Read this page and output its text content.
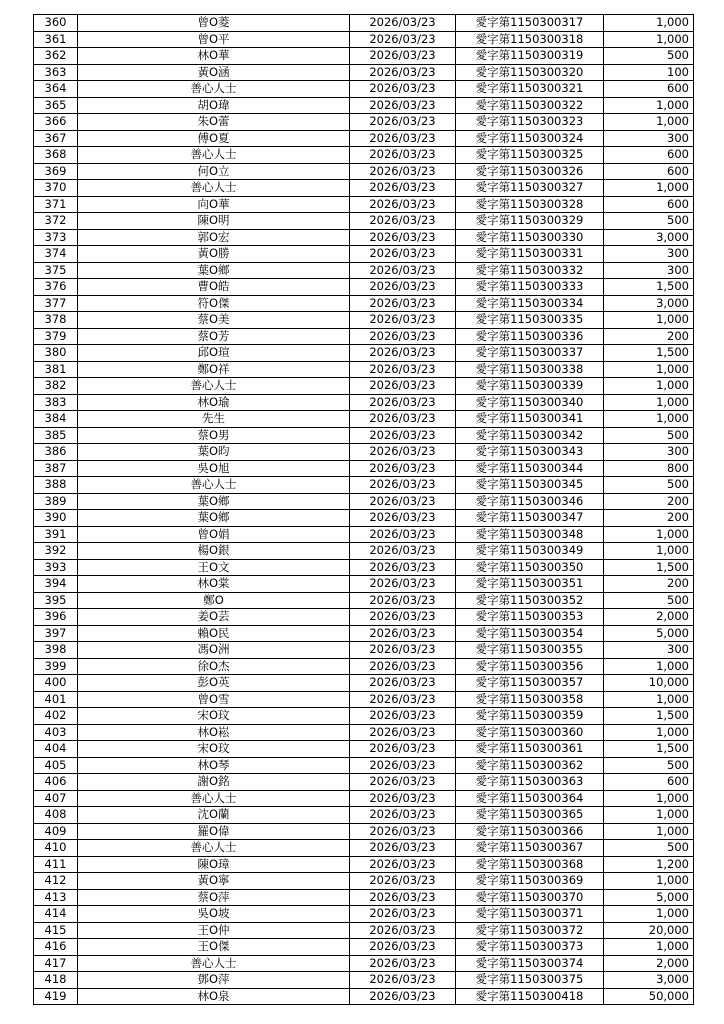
360	曾O菱	2026/03/23	愛字第1150300317	1,000
361	曾O平	2026/03/23	愛字第1150300318	1,000
362	林O華	2026/03/23	愛字第1150300319	500
363	黃O涵	2026/03/23	愛字第1150300320	100
364	善心人士	2026/03/23	愛字第1150300321	600
365	胡O瑋	2026/03/23	愛字第1150300322	1,000
366	朱O蕾	2026/03/23	愛字第1150300323	1,000
367	傅O夏	2026/03/23	愛字第1150300324	300
368	善心人士	2026/03/23	愛字第1150300325	600
369	何O立	2026/03/23	愛字第1150300326	600
370	善心人士	2026/03/23	愛字第1150300327	1,000
371	向O華	2026/03/23	愛字第1150300328	600
372	陳O明	2026/03/23	愛字第1150300329	500
373	郭O宏	2026/03/23	愛字第1150300330	3,000
374	黃O勝	2026/03/23	愛字第1150300331	300
375	葉O鄉	2026/03/23	愛字第1150300332	300
376	曹O皓	2026/03/23	愛字第1150300333	1,500
377	符O傑	2026/03/23	愛字第1150300334	3,000
378	蔡O美	2026/03/23	愛字第1150300335	1,000
379	蔡O芳	2026/03/23	愛字第1150300336	200
380	邱O瑄	2026/03/23	愛字第1150300337	1,500
381	鄭O祥	2026/03/23	愛字第1150300338	1,000
382	善心人士	2026/03/23	愛字第1150300339	1,000
383	林O瑜	2026/03/23	愛字第1150300340	1,000
384	先生	2026/03/23	愛字第1150300341	1,000
385	蔡O男	2026/03/23	愛字第1150300342	500
386	葉O昀	2026/03/23	愛字第1150300343	300
387	吳O旭	2026/03/23	愛字第1150300344	800
388	善心人士	2026/03/23	愛字第1150300345	500
389	葉O鄉	2026/03/23	愛字第1150300346	200
390	葉O鄉	2026/03/23	愛字第1150300347	200
391	曾O娟	2026/03/23	愛字第1150300348	1,000
392	楊O銀	2026/03/23	愛字第1150300349	1,000
393	王O文	2026/03/23	愛字第1150300350	1,500
394	林O棠	2026/03/23	愛字第1150300351	200
395	鄭O	2026/03/23	愛字第1150300352	500
396	姜O芸	2026/03/23	愛字第1150300353	2,000
397	賴O民	2026/03/23	愛字第1150300354	5,000
398	馮O洲	2026/03/23	愛字第1150300355	300
399	徐O杰	2026/03/23	愛字第1150300356	1,000
400	彭O英	2026/03/23	愛字第1150300357	10,000
401	曾O雪	2026/03/23	愛字第1150300358	1,000
402	宋O玟	2026/03/23	愛字第1150300359	1,500
403	林O崧	2026/03/23	愛字第1150300360	1,000
404	宋O玟	2026/03/23	愛字第1150300361	1,500
405	林O琴	2026/03/23	愛字第1150300362	500
406	謝O銘	2026/03/23	愛字第1150300363	600
407	善心人士	2026/03/23	愛字第1150300364	1,000
408	沈O蘭	2026/03/23	愛字第1150300365	1,000
409	羅O偉	2026/03/23	愛字第1150300366	1,000
410	善心人士	2026/03/23	愛字第1150300367	500
411	陳O璋	2026/03/23	愛字第1150300368	1,200
412	黃O寧	2026/03/23	愛字第1150300369	1,000
413	蔡O萍	2026/03/23	愛字第1150300370	5,000
414	吳O坡	2026/03/23	愛字第1150300371	1,000
415	王O仲	2026/03/23	愛字第1150300372	20,000
416	王O傑	2026/03/23	愛字第1150300373	1,000
417	善心人士	2026/03/23	愛字第1150300374	2,000
418	鄧O萍	2026/03/23	愛字第1150300375	3,000
419	林O泉	2026/03/23	愛字第1150300418	50,000
